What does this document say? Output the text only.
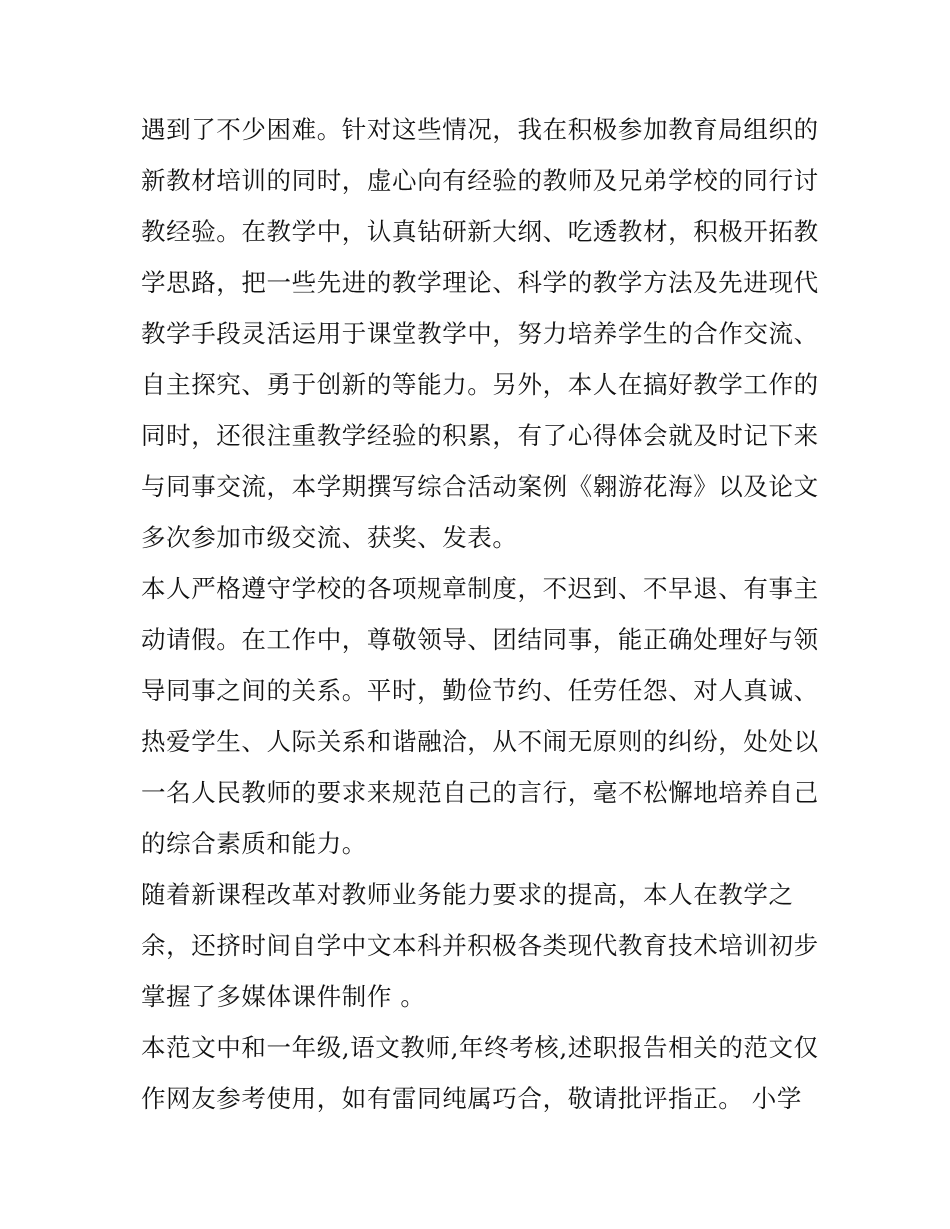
遇到了不少困难。针对这些情况，我在积极参加教育局组织的
新教材培训的同时，虚心向有经验的教师及兄弟学校的同行讨
教经验。在教学中，认真钻研新大纲、吃透教材，积极开拓教
学思路，把一些先进的教学理论、科学的教学方法及先进现代
教学手段灵活运用于课堂教学中，努力培养学生的合作交流、
自主探究、勇于创新的等能力。另外，本人在搞好教学工作的
同时，还很注重教学经验的积累，有了心得体会就及时记下来
与同事交流，本学期撰写综合活动案例《翱游花海》以及论文
多次参加市级交流、获奖、发表。
本人严格遵守学校的各项规章制度，不迟到、不早退、有事主
动请假。在工作中，尊敬领导、团结同事，能正确处理好与领
导同事之间的关系。平时，勤俭节约、任劳任怨、对人真诚、
热爱学生、人际关系和谐融洽，从不闹无原则的纠纷，处处以
一名人民教师的要求来规范自己的言行，毫不松懈地培养自己
的综合素质和能力。
随着新课程改革对教师业务能力要求的提高，本人在教学之
余，还挤时间自学中文本科并积极各类现代教育技术培训初步
掌握了多媒体课件制作 。
本范文中和一年级,语文教师,年终考核,述职报告相关的范文仅
作网友参考使用，如有雷同纯属巧合，敬请批评指正。 小学
